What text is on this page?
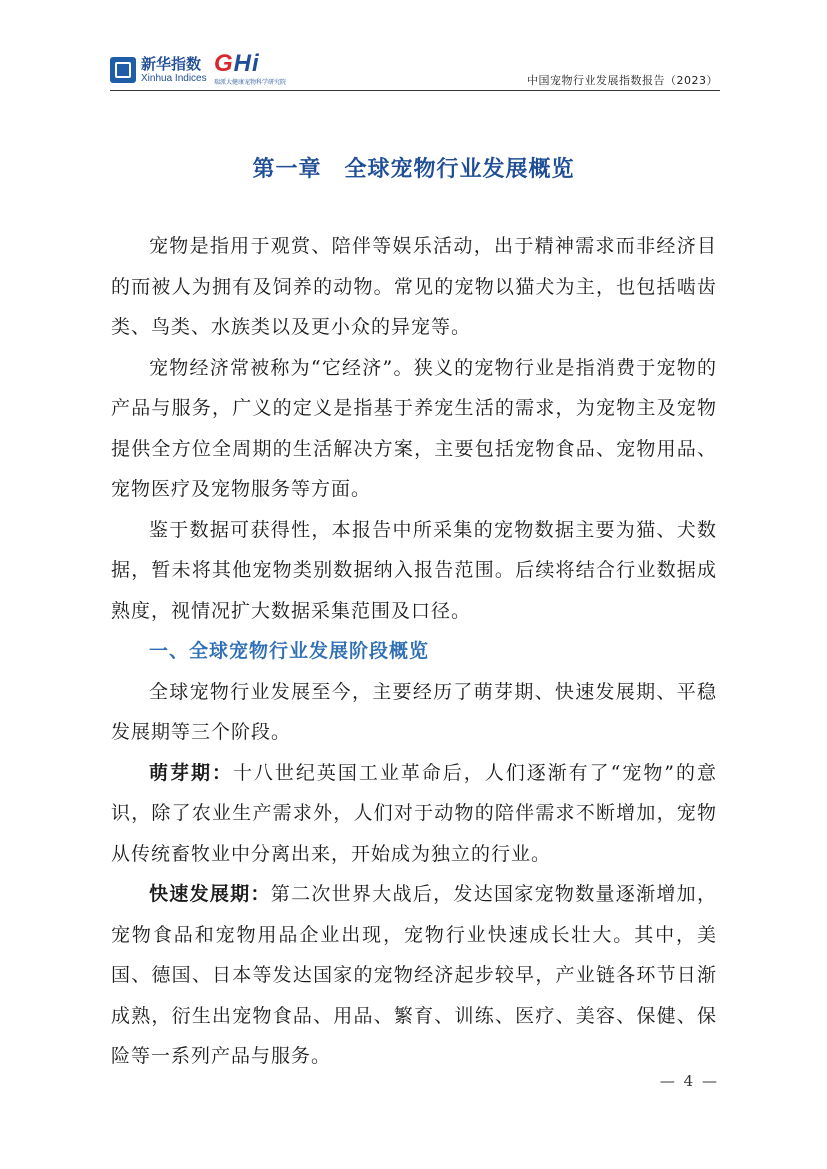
新华指数
Xinhua Indices
GHi
瑞派大健康宠物科学研究院	中国宠物行业发展指数报告（2023）
第一章　全球宠物行业发展概览

宠物是指用于观赏、陪伴等娱乐活动，出于精神需求而非经济目的而被人为拥有及饲养的动物。常见的宠物以猫犬为主，也包括啮齿类、鸟类、水族类以及更小众的异宠等。

宠物经济常被称为“它经济”。狭义的宠物行业是指消费于宠物的产品与服务，广义的定义是指基于养宠生活的需求，为宠物主及宠物提供全方位全周期的生活解决方案，主要包括宠物食品、宠物用品、宠物医疗及宠物服务等方面。

鉴于数据可获得性，本报告中所采集的宠物数据主要为猫、犬数据，暂未将其他宠物类别数据纳入报告范围。后续将结合行业数据成熟度，视情况扩大数据采集范围及口径。

一、全球宠物行业发展阶段概览

全球宠物行业发展至今，主要经历了萌芽期、快速发展期、平稳发展期等三个阶段。

萌芽期：十八世纪英国工业革命后，人们逐渐有了“宠物”的意识，除了农业生产需求外，人们对于动物的陪伴需求不断增加，宠物从传统畜牧业中分离出来，开始成为独立的行业。

快速发展期：第二次世界大战后，发达国家宠物数量逐渐增加，宠物食品和宠物用品企业出现，宠物行业快速成长壮大。其中，美国、德国、日本等发达国家的宠物经济起步较早，产业链各环节日渐成熟，衍生出宠物食品、用品、繁育、训练、医疗、美容、保健、保险等一系列产品与服务。

— 4 —
